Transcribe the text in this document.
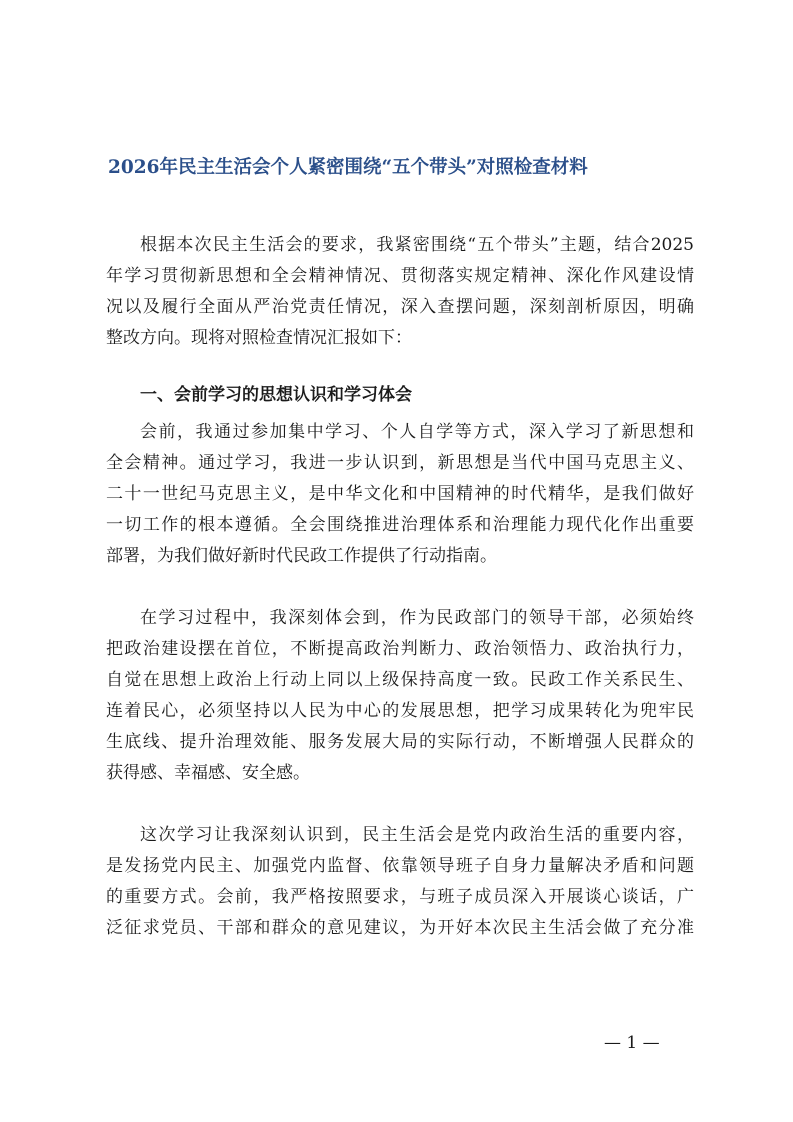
2026年民主生活会个人紧密围绕“五个带头”对照检查材料
根据本次民主生活会的要求，我紧密围绕“五个带头”主题，结合2025
年学习贯彻新思想和全会精神情况、贯彻落实规定精神、深化作风建设情
况以及履行全面从严治党责任情况，深入查摆问题，深刻剖析原因，明确
整改方向。现将对照检查情况汇报如下：
一、会前学习的思想认识和学习体会
会前，我通过参加集中学习、个人自学等方式，深入学习了新思想和
全会精神。通过学习，我进一步认识到，新思想是当代中国马克思主义、
二十一世纪马克思主义，是中华文化和中国精神的时代精华，是我们做好
一切工作的根本遵循。全会围绕推进治理体系和治理能力现代化作出重要
部署，为我们做好新时代民政工作提供了行动指南。
在学习过程中，我深刻体会到，作为民政部门的领导干部，必须始终
把政治建设摆在首位，不断提高政治判断力、政治领悟力、政治执行力，
自觉在思想上政治上行动上同以上级保持高度一致。民政工作关系民生、
连着民心，必须坚持以人民为中心的发展思想，把学习成果转化为兜牢民
生底线、提升治理效能、服务发展大局的实际行动，不断增强人民群众的
获得感、幸福感、安全感。
这次学习让我深刻认识到，民主生活会是党内政治生活的重要内容，
是发扬党内民主、加强党内监督、依靠领导班子自身力量解决矛盾和问题
的重要方式。会前，我严格按照要求，与班子成员深入开展谈心谈话，广
泛征求党员、干部和群众的意见建议，为开好本次民主生活会做了充分准
— 1 —
